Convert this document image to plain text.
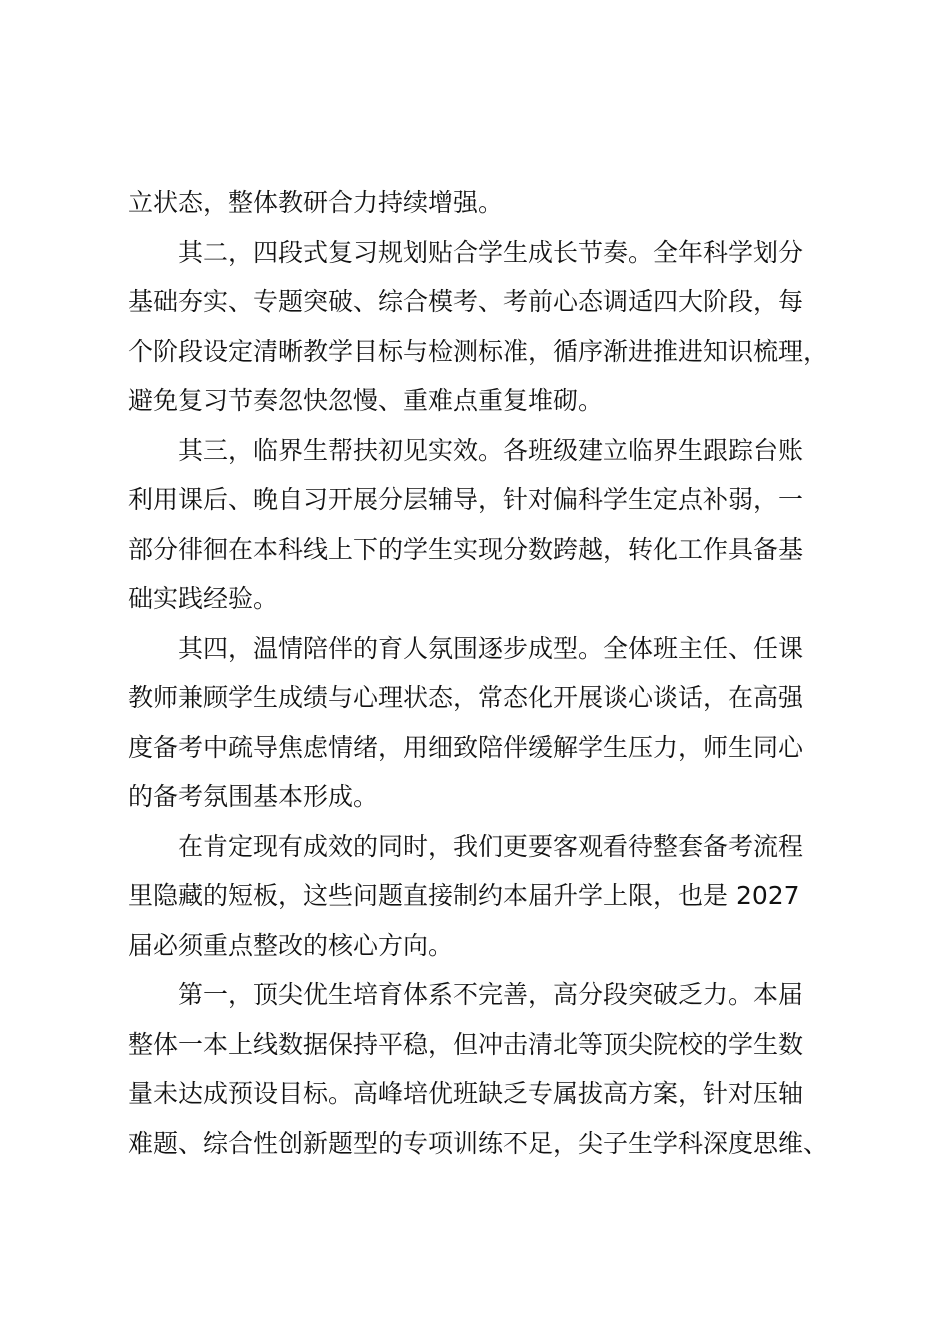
立状态，整体教研合力持续增强。
其二，四段式复习规划贴合学生成长节奏。全年科学划分
基础夯实、专题突破、综合模考、考前心态调适四大阶段，每
个阶段设定清晰教学目标与检测标准，循序渐进推进知识梳理，
避免复习节奏忽快忽慢、重难点重复堆砌。
其三，临界生帮扶初见实效。各班级建立临界生跟踪台账
利用课后、晚自习开展分层辅导，针对偏科学生定点补弱，一
部分徘徊在本科线上下的学生实现分数跨越，转化工作具备基
础实践经验。
其四，温情陪伴的育人氛围逐步成型。全体班主任、任课
教师兼顾学生成绩与心理状态，常态化开展谈心谈话，在高强
度备考中疏导焦虑情绪，用细致陪伴缓解学生压力，师生同心
的备考氛围基本形成。
在肯定现有成效的同时，我们更要客观看待整套备考流程
里隐藏的短板，这些问题直接制约本届升学上限，也是 2027
届必须重点整改的核心方向。
第一，顶尖优生培育体系不完善，高分段突破乏力。本届
整体一本上线数据保持平稳，但冲击清北等顶尖院校的学生数
量未达成预设目标。高峰培优班缺乏专属拔高方案，针对压轴
难题、综合性创新题型的专项训练不足，尖子生学科深度思维、
